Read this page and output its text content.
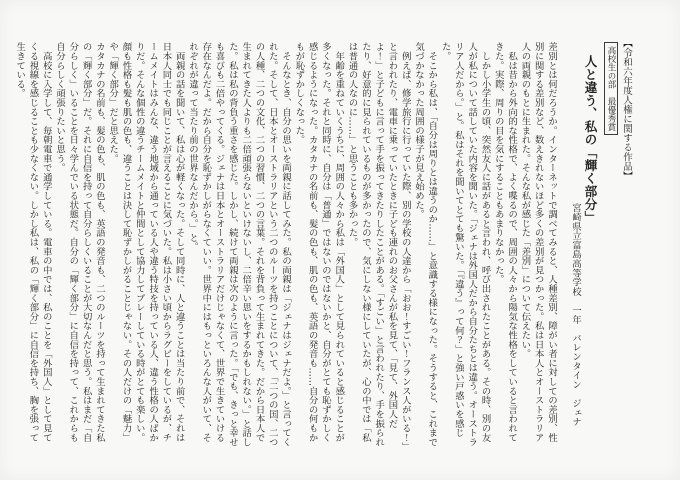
【令和六年度人権に関する作品】
高校生の部　最優秀賞
人と違う、私の「輝く部分」
宮崎県立富島高等学校　一年　バレンタイン　ジェナ

差別とは何だろうか。インターネットで調べてみると、人種差別、障がい者に対しての差別、性別に関する差別など、数えきれないほど多くの差別が見つかった。私は日本人とオーストラリア人の両親のもとに生まれた。そんな私が感じた「差別」について伝えたい。

　私は昔から外向的な性格で、よく喋るので、周囲の人々から陽気な性格をしていると言われてきた。実際、周りの目を気にすることもあまりなかった。

　しかし小学生の頃、突然友人に話があると言われ、呼び出されたことがある。その時、別の友人が私について話していた内容を聞いた。「ジェナは外国人だから自分たちとは違う。オーストラリア人だから。」と。私はそれを聞いてとても驚いた。「『違う』って何？」と強い戸惑いを感じた。

　そこから私は、「自分は周りとは違うのか……」と意識する様になった。そうすると、これまで気づかなかった周囲の様子が見え始めた。

　例えば、修学旅行に行っていた際、別の学校の人達から「おお！すごい！フランス人がいる！」と言われたり、電車に乗っていたときに子ども連れのお父さんが私を見て、「見て、外国人だよ！」と子どもに言って手を振ってきたりしたことがある。「すごい」と言われたり、手を振られたり、好意的に見られているものが多かったので、気にしない様にしていたが、心の中では「私は普通の人なのに……」と思うことも多かった。

　年齢を重ねていくうちに、周囲の人々から私は「外国人」として見られていると感じることが多くなった。それと同時に、自分は「普通」ではないのではないかと、自分がとても恥ずかしく感じるようになった。カタカナの名前も、髪の色も、肌の色も、英語の発音も……自分の何もかもが恥ずかしくなった。

　そんなとき、自分の思いを両親に話してみた。私の両親は「ジェナはジェナだよ。」と言ってくれた。そして、日本とオーストラリアという二つのルーツを持つことについて、「二つの国、二つの人種、二つの文化、二つの習慣、二つの言葉。それを背負って生まれてきた。だから日本人で生まれてきた人よりも二倍頑張らないといけないし、二倍辛い思いをするかもしれない。」と話した。私は私の背負う重さを感じた。しかし、続けて両親は次のように言った。「でも、きっと幸せも喜びも二倍やってくる。ジェナは日本とオーストラリアだけじゃなくて、世界で生きていける存在なんだよ。だから自分を恥ずかしがらなくていい。世界中にはもっといろんな人がいて、それぞれが違って当たり前の世界なんだから。」と。

　両親の話を聞いて、私は心が軽くなった。そして同時に、人と違うことは当たり前で、それは日本人同士でも同じことが言えることに気づいた。私は小さい頃からラグビーをしているが、チームメイトはみんな、違う地域から通っている人や違う特技を持っている人、違う性格の人ばかりだ。そんな個性の違うチームメイトと仲間として協力してプレーしている時がとても楽しい。顔も性格も髪も肌の色も、違うことは決して恥ずかしがることじゃない。その人だけの「魅力」や「輝く部分」だと思えた。

カタカナの名前も、髪の色も、肌の色も、英語の発音も、二つのルーツを持って生まれてきた私の「輝く部分」だ。それに自信を持って自分らしくいることが大切なんだと思う。私はまだ「自分らしく」いることを日々学んでいる状態だ。自分の「輝く部分」に自信を持って、これからも自分らしく頑張りたいと思う。

　高校に入学して、毎朝電車で通学している。電車の中では、私のことを「外国人」として見てくる視線を感じることも少なくない。しかし私は、私の「輝く部分」に自信を持ち、胸を張って生きている。
